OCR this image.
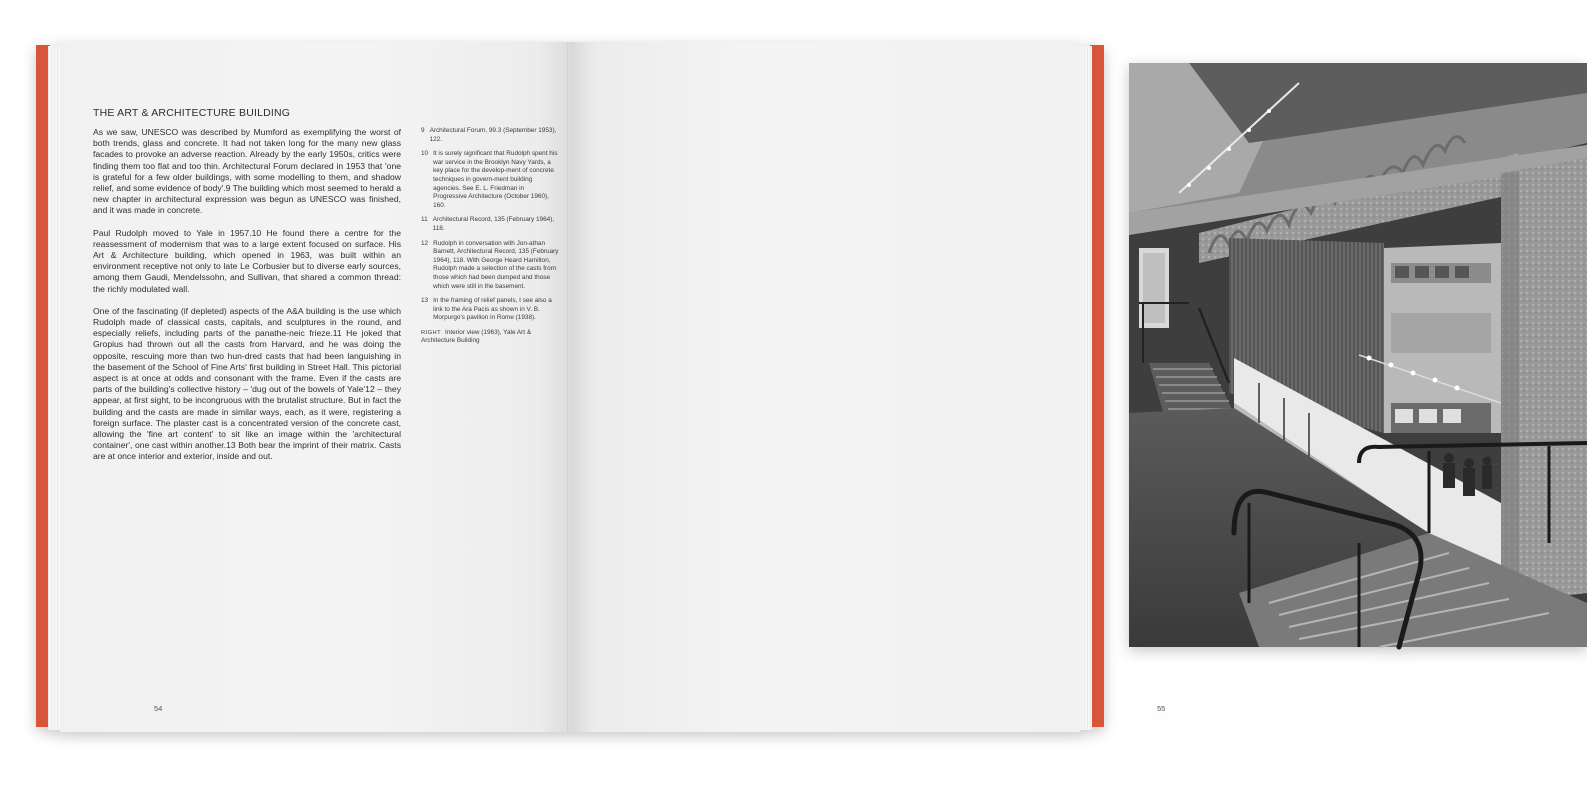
THE ART & ARCHITECTURE BUILDING

As we saw, UNESCO was described by Mumford as exemplifying the worst of both trends, glass and concrete. It had not taken long for the many new glass facades to provoke an adverse reaction. Already by the early 1950s, critics were finding them too flat and too thin. Architectural Forum declared in 1953 that 'one is grateful for a few older buildings, with some modelling to them, and shadow relief, and some evidence of body'.9 The building which most seemed to herald a new chapter in architectural expression was begun as UNESCO was finished, and it was made in concrete.

Paul Rudolph moved to Yale in 1957.10 He found there a centre for the reassessment of modernism that was to a large extent focused on surface. His Art & Architecture building, which opened in 1963, was built within an environment receptive not only to late Le Corbusier but to diverse early sources, among them Gaudi, Mendelssohn, and Sullivan, that shared a common thread: the richly modulated wall.

One of the fascinating (if depleted) aspects of the A&A building is the use which Rudolph made of classical casts, capitals, and sculptures in the round, and especially reliefs, including parts of the panathe-neic frieze.11 He joked that Gropius had thrown out all the casts from Harvard, and he was doing the opposite, rescuing more than two hun-dred casts that had been languishing in the basement of the School of Fine Arts' first building in Street Hall. This pictorial aspect is at once at odds and consonant with the frame. Even if the casts are parts of the building's collective history – 'dug out of the bowels of Yale'12 – they appear, at first sight, to be incongruous with the brutalist structure. But in fact the building and the casts are made in similar ways, each, as it were, registering a foreign surface. The plaster cast is a concentrated version of the concrete cast, allowing the 'fine art content' to sit like an image within the 'architectural container', one cast within another.13 Both bear the imprint of their matrix. Casts are at once interior and exterior, inside and out.

9 Architectural Forum, 99.3 (September 1953), 122.
10 It is surely significant that Rudolph spent his war service in the Brooklyn Navy Yards, a key place for the develop-ment of concrete techniques in govern-ment building agencies. See E. L. Friedman in Progressive Architecture (October 1960), 160.
11 Architectural Record, 135 (February 1964), 118.
12 Rudolph in conversation with Jon-athan Barnett, Architectural Record, 135 (February 1964), 118. With George Heard Hamilton, Rudolph made a selection of the casts from those which had been dumped and those which were still in the basement.
13 In the framing of relief panels, I see also a link to the Ara Pacis as shown in V. B. Morpurgo's pavilion in Rome (1938).
RIGHT Interior view (1963), Yale Art & Architecture Building
54	55
